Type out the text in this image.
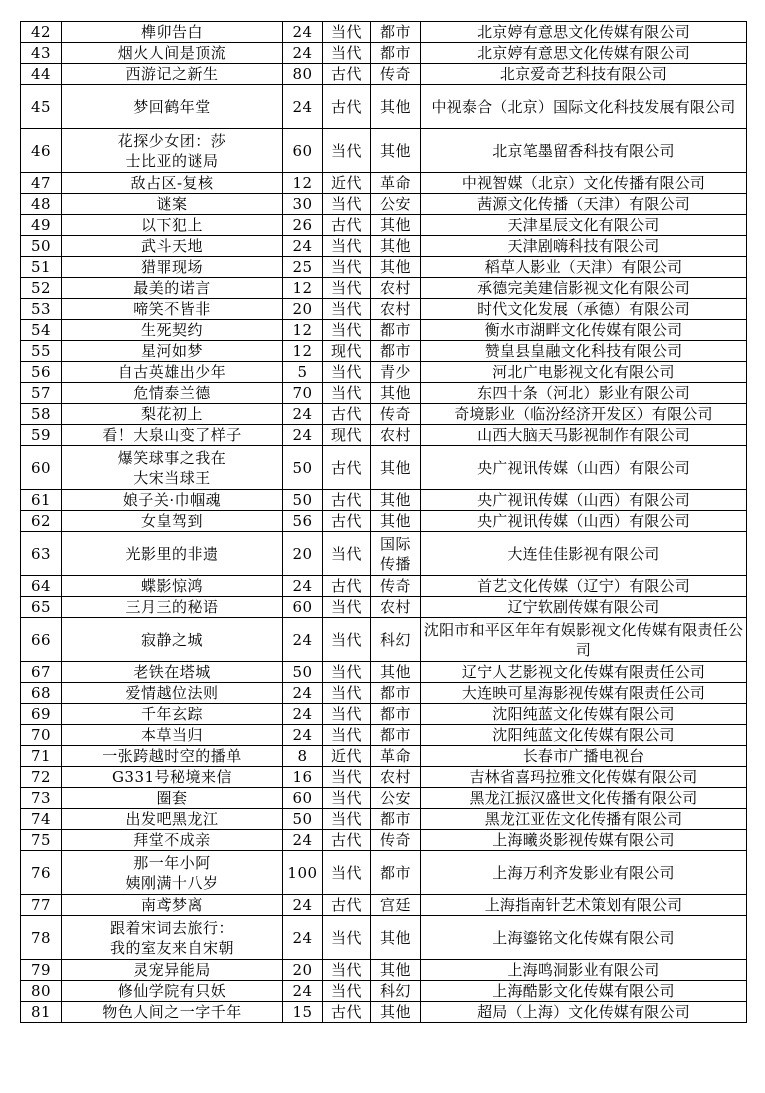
42	榫卯告白	24	当代	都市	北京婷有意思文化传媒有限公司
43	烟火人间是顶流	24	当代	都市	北京婷有意思文化传媒有限公司
44	西游记之新生	80	古代	传奇	北京爱奇艺科技有限公司
45	梦回鹤年堂	24	古代	其他	中视泰合（北京）国际文化科技发展有限公司
46	花探少女团：莎
士比亚的谜局	60	当代	其他	北京笔墨留香科技有限公司
47	敌占区-复核	12	近代	革命	中视智媒（北京）文化传播有限公司
48	谜案	30	当代	公安	茜源文化传播（天津）有限公司
49	以下犯上	26	古代	其他	天津星辰文化有限公司
50	武斗天地	24	当代	其他	天津剧嗨科技有限公司
51	猎罪现场	25	当代	其他	稻草人影业（天津）有限公司
52	最美的诺言	12	当代	农村	承德完美建信影视文化有限公司
53	啼笑不皆非	20	当代	农村	时代文化发展（承德）有限公司
54	生死契约	12	当代	都市	衡水市湖畔文化传媒有限公司
55	星河如梦	12	现代	都市	赞皇县皇融文化科技有限公司
56	自古英雄出少年	5	当代	青少	河北广电影视文化有限公司
57	危情泰兰德	70	当代	其他	东四十条（河北）影业有限公司
58	梨花初上	24	古代	传奇	奇境影业（临汾经济开发区）有限公司
59	看！大泉山变了样子	24	现代	农村	山西大脑天马影视制作有限公司
60	爆笑球事之我在
大宋当球王	50	古代	其他	央广视讯传媒（山西）有限公司
61	娘子关·巾帼魂	50	古代	其他	央广视讯传媒（山西）有限公司
62	女皇驾到	56	古代	其他	央广视讯传媒（山西）有限公司
63	光影里的非遗	20	当代	国际传播	大连佳佳影视有限公司
64	蝶影惊鸿	24	古代	传奇	首艺文化传媒（辽宁）有限公司
65	三月三的秘语	60	当代	农村	辽宁软剧传媒有限公司
66	寂静之城	24	当代	科幻	沈阳市和平区年年有娱影视文化传媒有限责任公司
67	老铁在塔城	50	当代	其他	辽宁人艺影视文化传媒有限责任公司
68	爱情越位法则	24	当代	都市	大连映可星海影视传媒有限责任公司
69	千年玄踪	24	当代	都市	沈阳纯蓝文化传媒有限公司
70	本草当归	24	当代	都市	沈阳纯蓝文化传媒有限公司
71	一张跨越时空的播单	8	近代	革命	长春市广播电视台
72	G331号秘境来信	16	当代	农村	吉林省喜玛拉雅文化传媒有限公司
73	圈套	60	当代	公安	黑龙江振汉盛世文化传播有限公司
74	出发吧黑龙江	50	当代	都市	黑龙江亚佐文化传播有限公司
75	拜堂不成亲	24	古代	传奇	上海曦炎影视传媒有限公司
76	那一年小阿
姨刚满十八岁	100	当代	都市	上海万利齐发影业有限公司
77	南鸢梦离	24	古代	宫廷	上海指南针艺术策划有限公司
78	跟着宋词去旅行：
我的室友来自宋朝	24	当代	其他	上海鎏铭文化传媒有限公司
79	灵宠异能局	20	当代	其他	上海鸣洞影业有限公司
80	修仙学院有只妖	24	当代	科幻	上海酷影文化传媒有限公司
81	物色人间之一字千年	15	古代	其他	超局（上海）文化传媒有限公司
